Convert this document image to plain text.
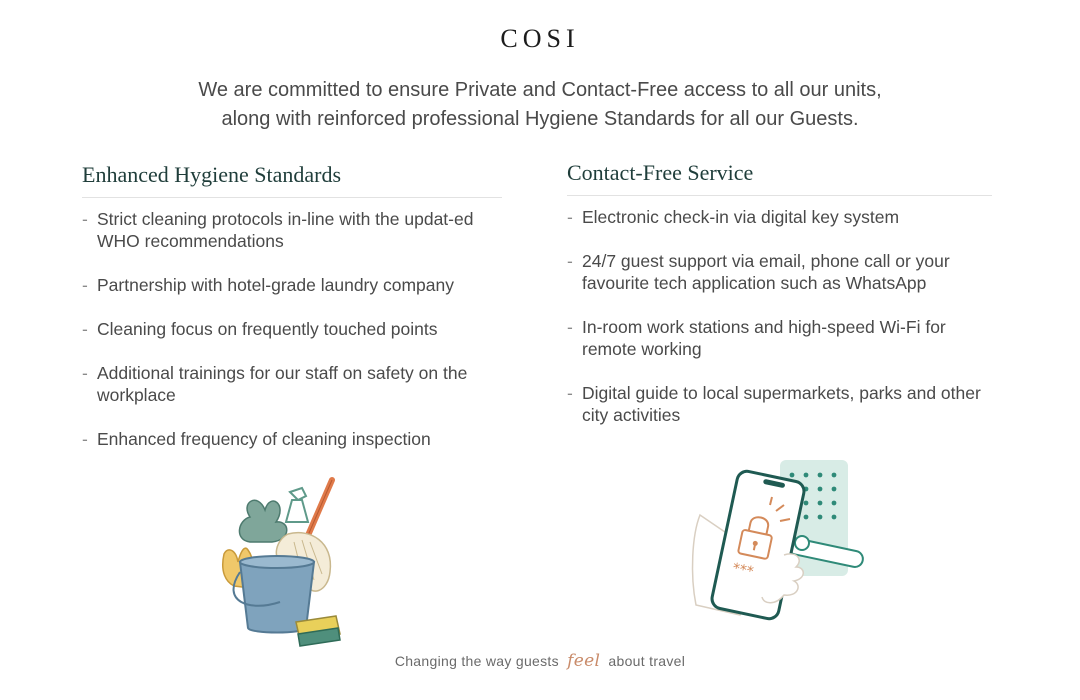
COSI
We are committed to ensure Private and Contact-Free access to all our units,
along with reinforced professional Hygiene Standards for all our Guests.
Enhanced Hygiene Standards
- Strict cleaning protocols in-line with the updat-ed WHO recommendations
- Partnership with hotel-grade laundry company
- Cleaning focus on frequently touched points
- Additional trainings for our staff on safety on the workplace
- Enhanced frequency of cleaning inspection
Contact-Free Service
- Electronic check-in via digital key system
- 24/7 guest support via email, phone call or your favourite tech application such as WhatsApp
- In-room work stations and high-speed Wi-Fi for remote working
- Digital guide to local supermarkets, parks and other city activities
***
Changing the way guests feel about travel
